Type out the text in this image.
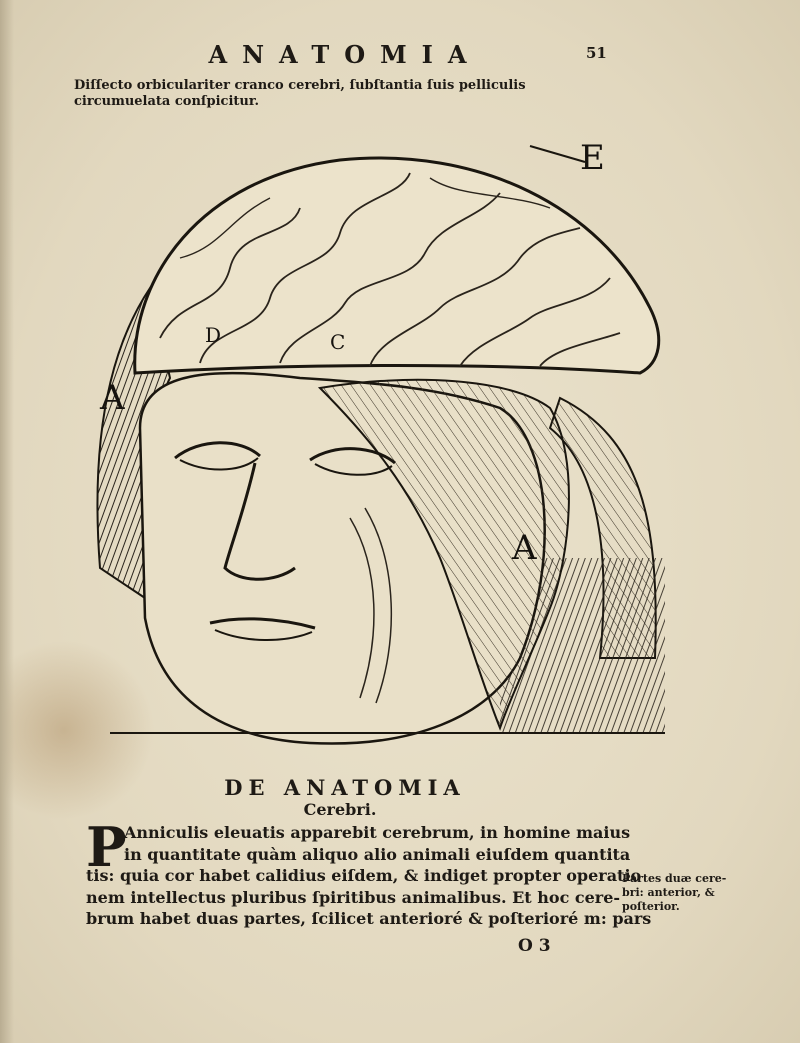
ANATOMIA	51
Diſſecto orbiculariter cranco cerebri, ſubſtantia ſuis pelliculis circumuelata conſpicitur.
E
D	C
A
A
DE ANATOMIA
Cerebri.
P
Anniculis eleuatis apparebit cerebrum, in homine maius
in quantitate quàm aliquo alio animali eiuſdem quantita
tis: quia cor habet calidius eiſdem, & indiget propter operatio
nem intellectus pluribus ſpiritibus animalibus. Et hoc cere-
brum habet duas partes, ſcilicet anterioré & poſterioré m: pars
Partes duæ cere-
bri: anterior, &
poſterior.
O 3
